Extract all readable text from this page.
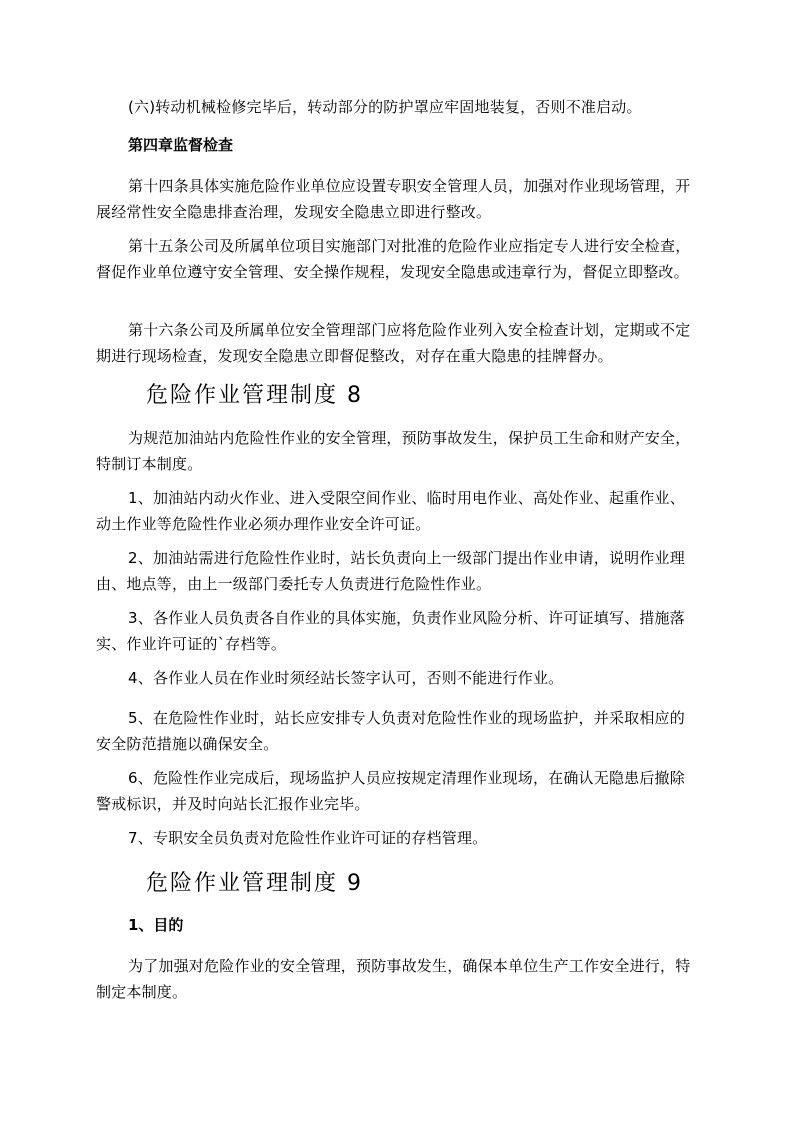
(六)转动机械检修完毕后，转动部分的防护罩应牢固地装复，否则不准启动。

第四章监督检查

第十四条具体实施危险作业单位应设置专职安全管理人员，加强对作业现场管理，开展经常性安全隐患排查治理，发现安全隐患立即进行整改。

第十五条公司及所属单位项目实施部门对批准的危险作业应指定专人进行安全检查，督促作业单位遵守安全管理、安全操作规程，发现安全隐患或违章行为，督促立即整改。

第十六条公司及所属单位安全管理部门应将危险作业列入安全检查计划，定期或不定期进行现场检查，发现安全隐患立即督促整改，对存在重大隐患的挂牌督办。

危险作业管理制度 8

为规范加油站内危险性作业的安全管理，预防事故发生，保护员工生命和财产安全，特制订本制度。

1、加油站内动火作业、进入受限空间作业、临时用电作业、高处作业、起重作业、动土作业等危险性作业必须办理作业安全许可证。

2、加油站需进行危险性作业时，站长负责向上一级部门提出作业申请，说明作业理由、地点等，由上一级部门委托专人负责进行危险性作业。

3、各作业人员负责各自作业的具体实施，负责作业风险分析、许可证填写、措施落实、作业许可证的`存档等。

4、各作业人员在作业时须经站长签字认可，否则不能进行作业。

5、在危险性作业时，站长应安排专人负责对危险性作业的现场监护，并采取相应的安全防范措施以确保安全。

6、危险性作业完成后，现场监护人员应按规定清理作业现场，在确认无隐患后撤除警戒标识，并及时向站长汇报作业完毕。

7、专职安全员负责对危险性作业许可证的存档管理。

危险作业管理制度 9
1、目的

为了加强对危险作业的安全管理，预防事故发生，确保本单位生产工作安全进行，特制定本制度。
